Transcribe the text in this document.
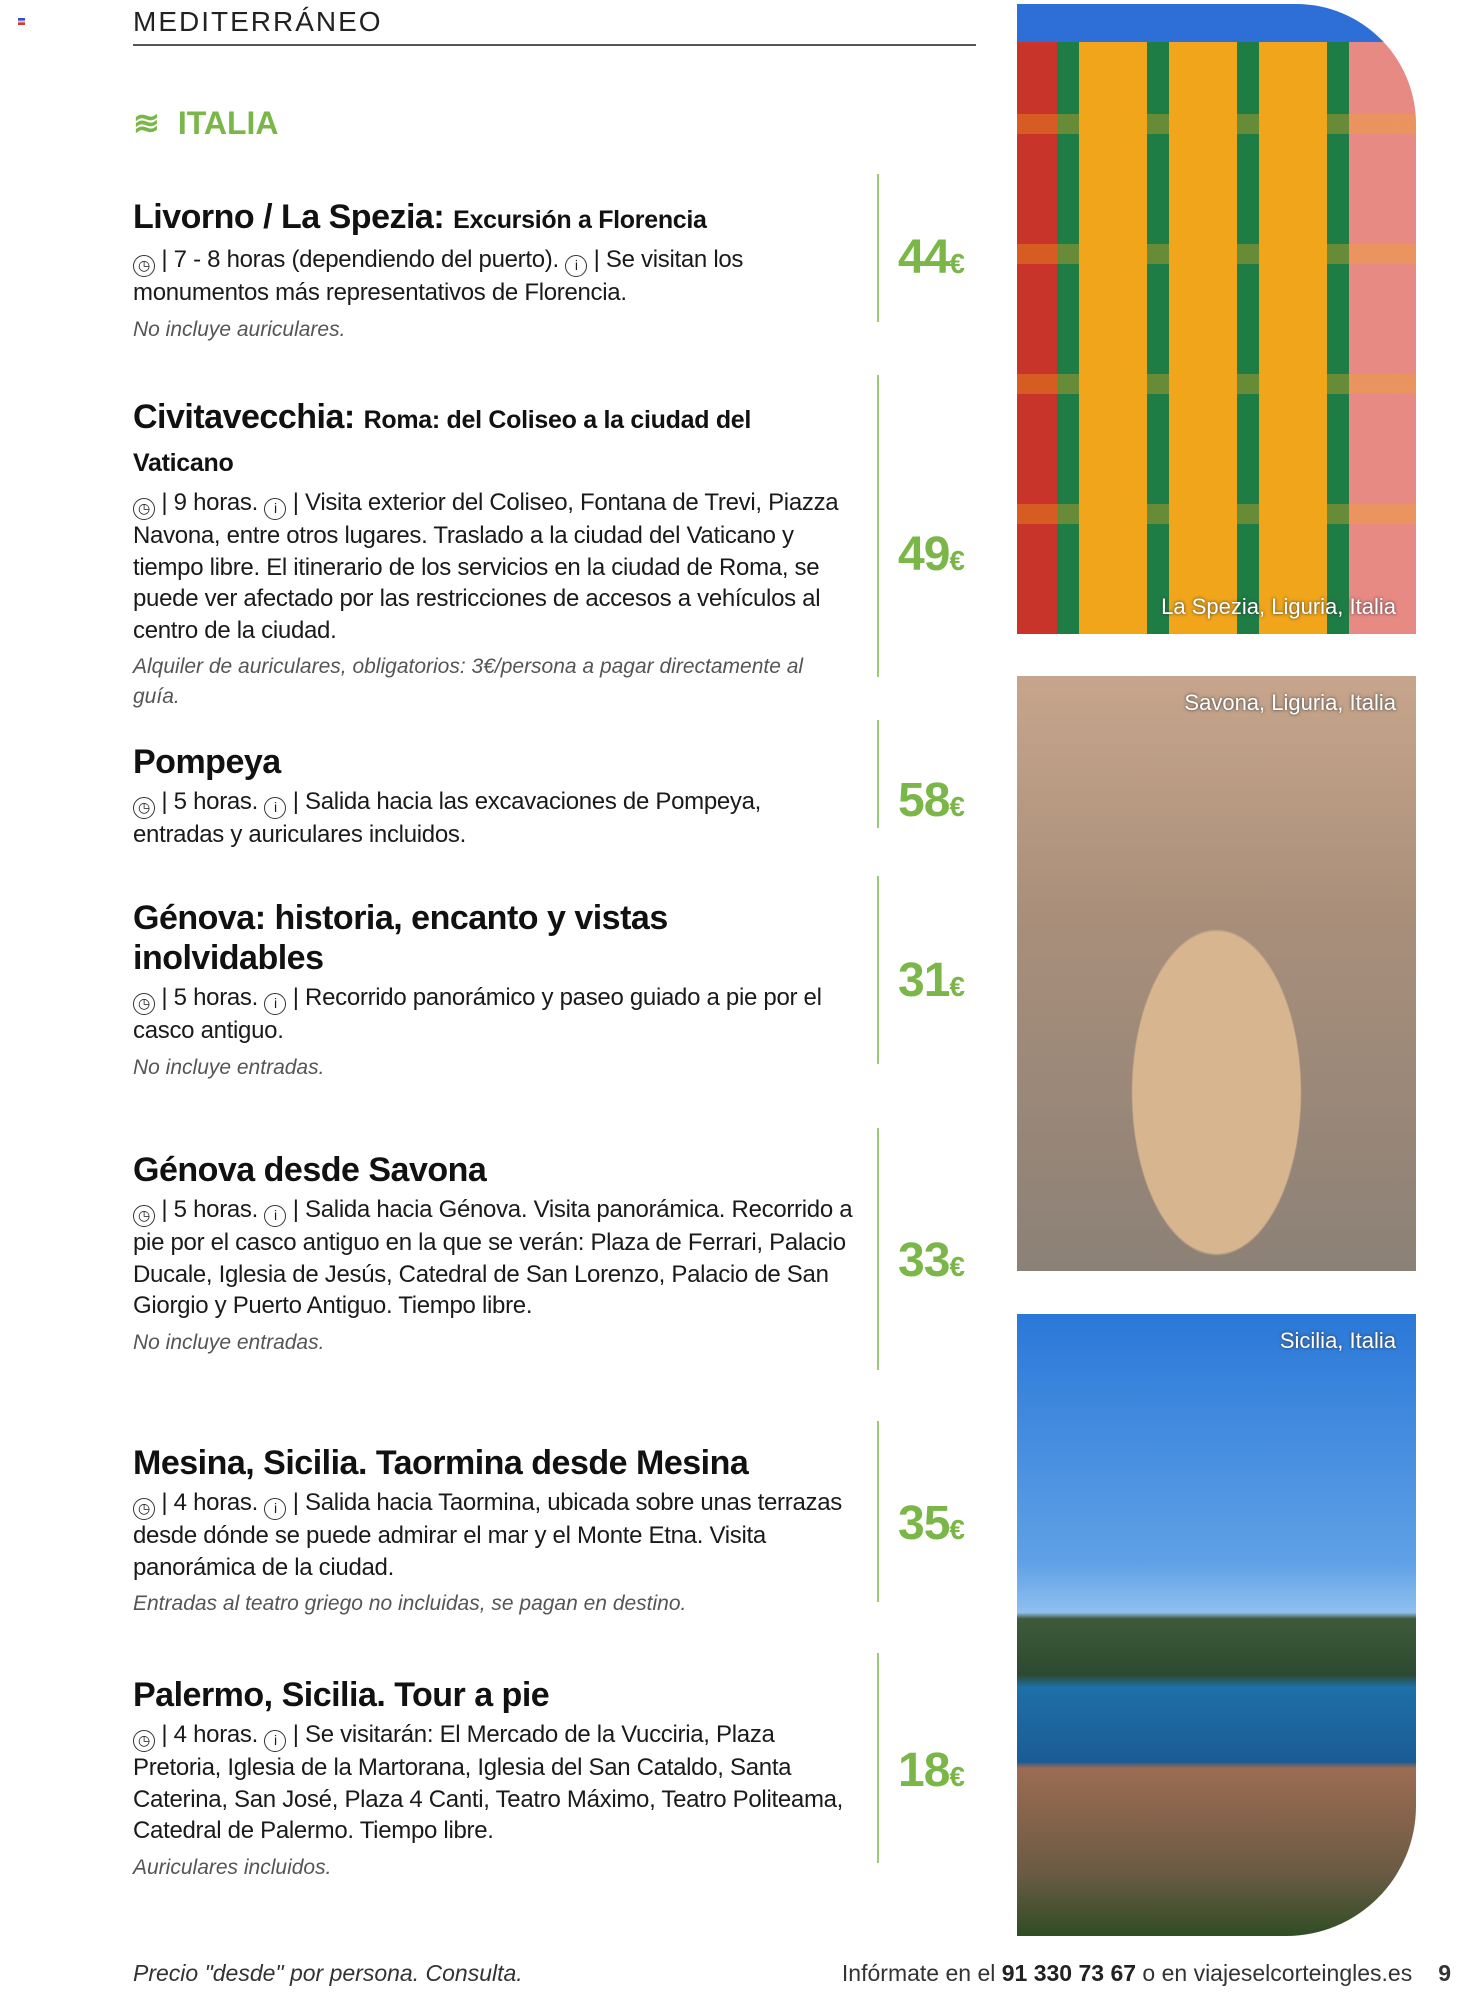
MEDITERRÁNEO
≋ ITALIA
Livorno / La Spezia: Excursión a Florencia

◷ | 7 - 8 horas (dependiendo del puerto). i | Se visitan los monumentos más representativos de Florencia.

No incluye auriculares.
44€
Civitavecchia: Roma: del Coliseo a la ciudad del Vaticano

◷ | 9 horas. i | Visita exterior del Coliseo, Fontana de Trevi, Piazza Navona, entre otros lugares. Traslado a la ciudad del Vaticano y tiempo libre. El itinerario de los servicios en la ciudad de Roma, se puede ver afectado por las restricciones de accesos a vehículos al centro de la ciudad.

Alquiler de auriculares, obligatorios: 3€/persona a pagar directamente al guía.
49€
Pompeya

◷ | 5 horas. i | Salida hacia las excavaciones de Pompeya, entradas y auriculares incluidos.

58€
Génova: historia, encanto y vistas inolvidables

◷ | 5 horas. i | Recorrido panorámico y paseo guiado a pie por el casco antiguo.

No incluye entradas.
31€
Génova desde Savona

◷ | 5 horas. i | Salida hacia Génova. Visita panorámica. Recorrido a pie por el casco antiguo en la que se verán: Plaza de Ferrari, Palacio Ducale, Iglesia de Jesús, Catedral de San Lorenzo, Palacio de San Giorgio y Puerto Antiguo. Tiempo libre.

No incluye entradas.
33€
Mesina, Sicilia. Taormina desde Mesina

◷ | 4 horas. i | Salida hacia Taormina, ubicada sobre unas terrazas desde dónde se puede admirar el mar y el Monte Etna. Visita panorámica de la ciudad.

Entradas al teatro griego no incluidas, se pagan en destino.
35€
Palermo, Sicilia. Tour a pie

◷ | 4 horas. i | Se visitarán: El Mercado de la Vucciria, Plaza Pretoria, Iglesia de la Martorana, Iglesia del San Cataldo, Santa Caterina, San José, Plaza 4 Canti, Teatro Máximo, Teatro Politeama, Catedral de Palermo. Tiempo libre.

Auriculares incluidos.
18€
La Spezia, Liguria, Italia
Savona, Liguria, Italia
Sicilia, Italia
Precio "desde" por persona. Consulta.	Infórmate en el 91 330 73 67 o en viajeselcorteingles.es 9
